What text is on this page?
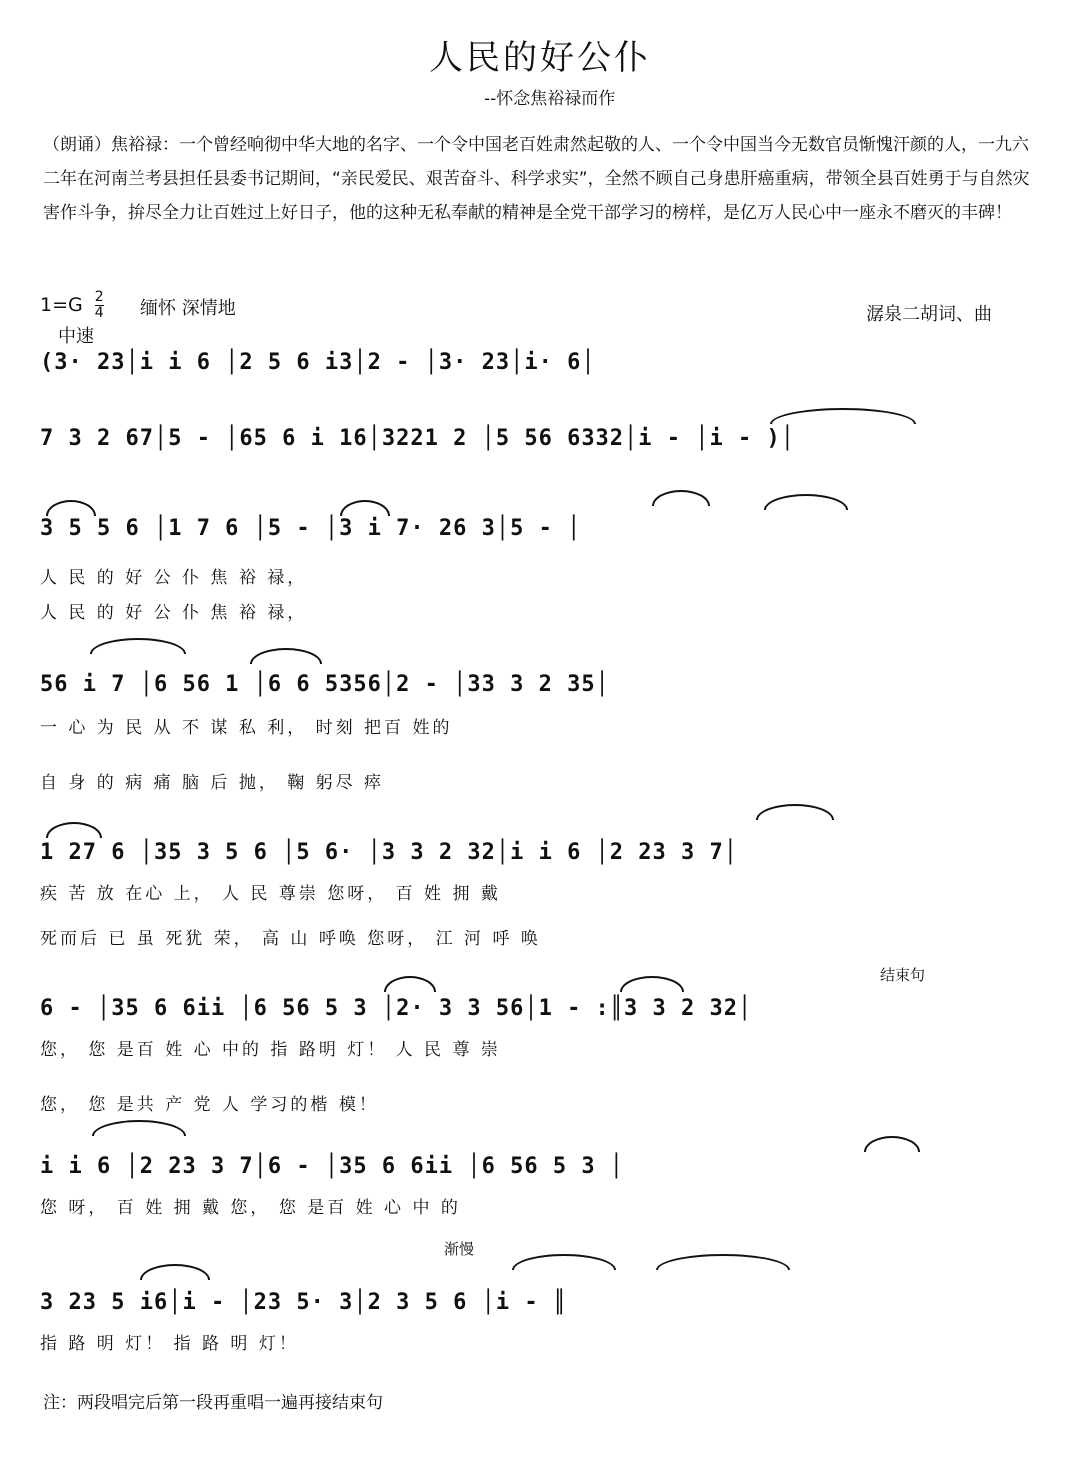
人民的好公仆
--怀念焦裕禄而作
（朗诵）焦裕禄：一个曾经响彻中华大地的名字、一个令中国老百姓肃然起敬的人、一个令中国当今无数官员惭愧汗颜的人，一九六二年在河南兰考县担任县委书记期间，“亲民爱民、艰苦奋斗、科学求实”，全然不顾自己身患肝癌重病，带领全县百姓勇于与自然灾害作斗争，拚尽全力让百姓过上好日子，他的这种无私奉献的精神是全党干部学习的榜样，是亿万人民心中一座永不磨灭的丰碑！
$1=G \frac{2}{4}$ 缅怀 深情地
中速
潺泉二胡词、曲
(3· 23│i i 6 │2 5 6 i3│2 - │3· 23│i· 6│
7 3 2 67│5 - │65 6 i 16│3221 2 │5 56 6332│i - │i - )│
3 5 5 6 │1 7 6 │5 - │3 i 7· 26 3│5 - │
人 民 的 好 公 仆 焦 裕 禄，
人 民 的 好 公 仆 焦 裕 禄，
56 i 7 │6 56 1 │6 6 5356│2 - │33 3 2 35│
一 心 为 民 从 不 谋 私 利， 时刻 把百 姓的
自 身 的 病 痛 脑 后 抛， 鞠 躬尽 瘁
1 27 6 │35 3 5 6 │5 6· │3 3 2 32│i i 6 │2 23 3 7│
疾 苦 放 在心 上， 人 民 尊崇 您呀， 百 姓 拥 戴
死而后 已 虽 死犹 荣， 高 山 呼唤 您呀， 江 河 呼 唤
6 - │35 6 6ii │6 56 5 3 │2· 3 3 56│1 - :║3 3 2 32│
您， 您 是百 姓 心 中的 指 路明 灯！ 人 民 尊 崇
您， 您 是共 产 党 人 学习的楷 模！
结束句
i i 6 │2 23 3 7│6 - │35 6 6ii │6 56 5 3 │
您 呀， 百 姓 拥 戴 您， 您 是百 姓 心 中 的
渐慢
3 23 5 i6│i - │23 5· 3│2 3 5 6 │i - ║
指 路 明 灯！ 指 路 明 灯！
注：两段唱完后第一段再重唱一遍再接结束句
